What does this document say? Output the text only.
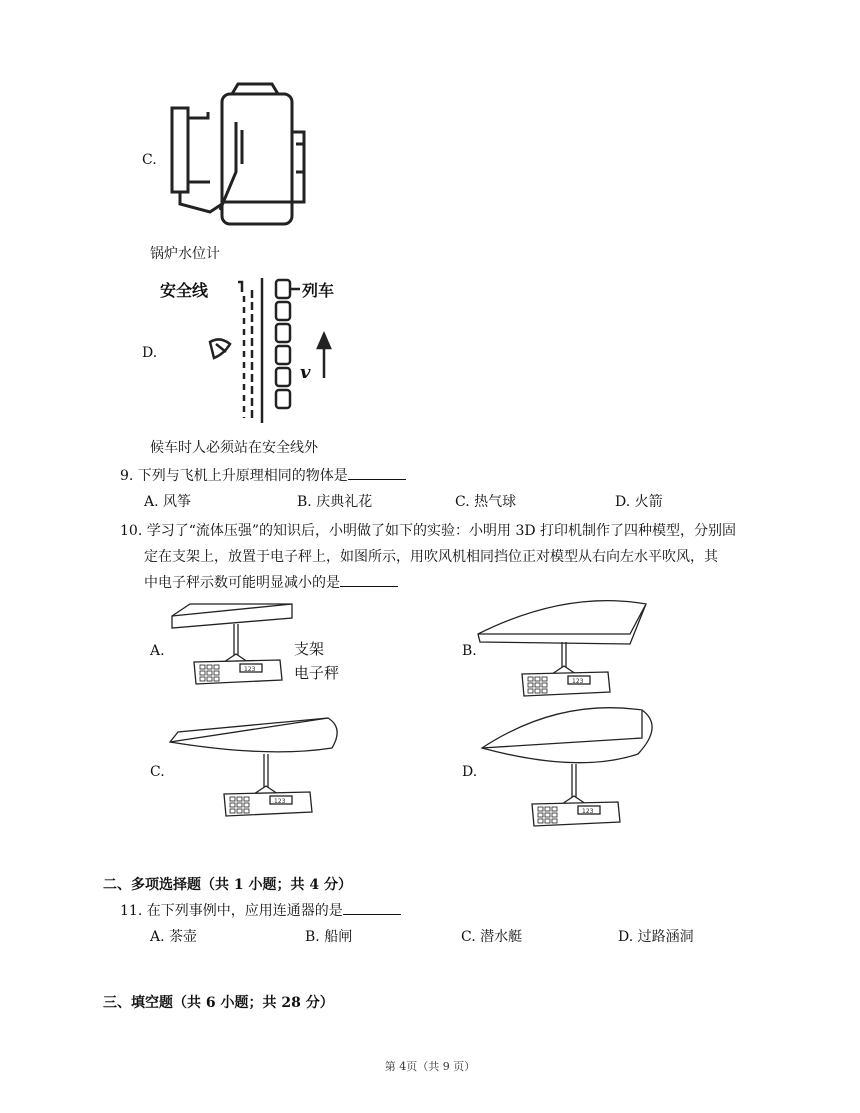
C.
锅炉水位计
D.
安全线	列车
v
候车时人必须站在安全线外
9. 下列与飞机上升原理相同的物体是
A. 风筝	B. 庆典礼花	C. 热气球	D. 火箭
10. 学习了“流体压强”的知识后，小明做了如下的实验：小明用 3D 打印机制作了四种模型，分别固
定在支架上，放置于电子秤上，如图所示，用吹风机相同挡位正对模型从右向左水平吹风，其
中电子秤示数可能明显减小的是
A.
123
支架
电子秤
B.
123
C.
123
D.
123
二、多项选择题（共 1 小题；共 4 分）
11. 在下列事例中，应用连通器的是
A. 茶壶	B. 船闸	C. 潜水艇	D. 过路涵洞
三、填空题（共 6 小题；共 28 分）
第 4页（共 9 页）
